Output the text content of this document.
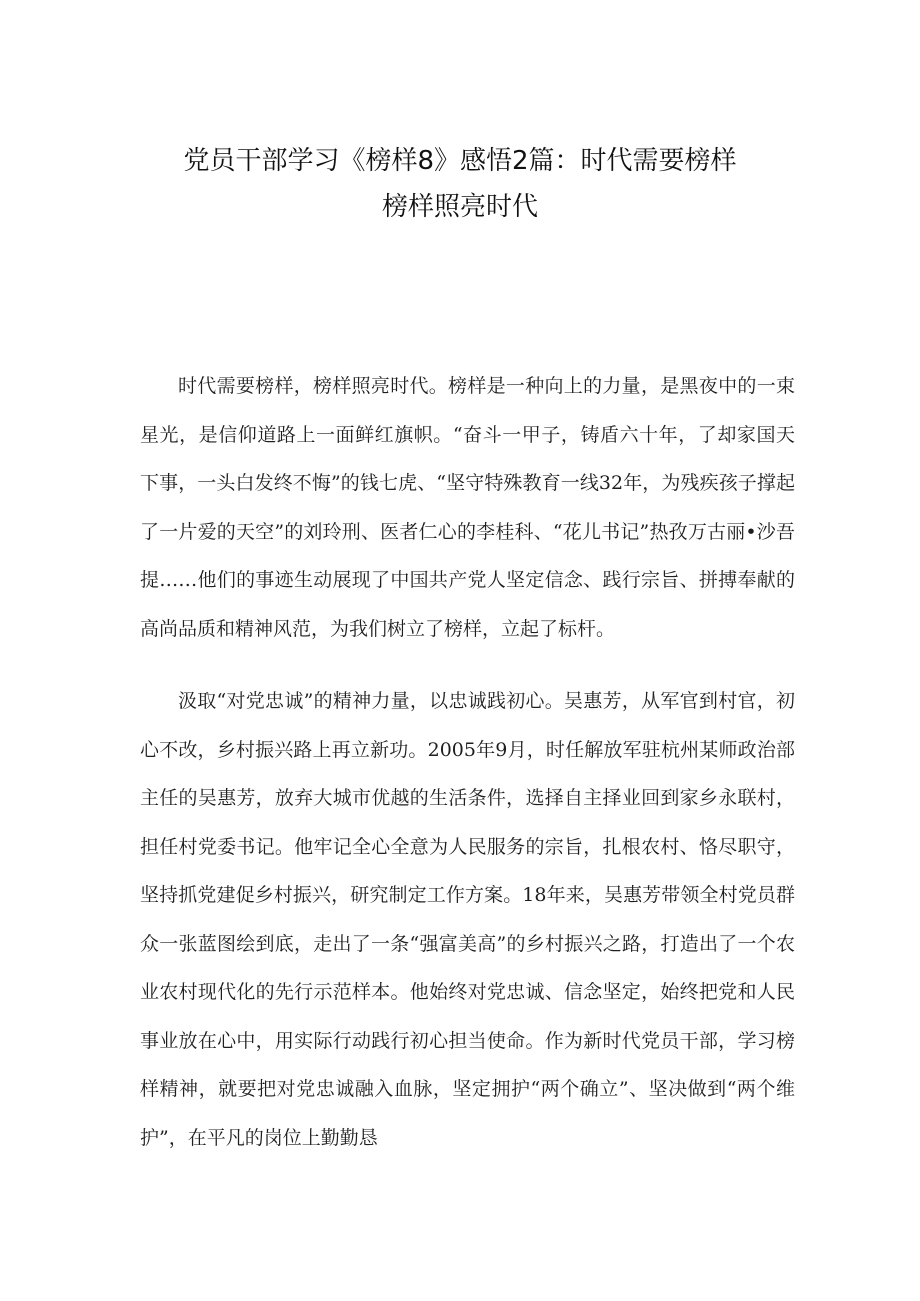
党员干部学习《榜样8》感悟2篇：时代需要榜样
榜样照亮时代

时代需要榜样，榜样照亮时代。榜样是一种向上的力量，是黑夜中的一束星光，是信仰道路上一面鲜红旗帜。“奋斗一甲子，铸盾六十年，了却家国天下事，一头白发终不悔”的钱七虎、“坚守特殊教育一线32年，为残疾孩子撑起了一片爱的天空”的刘玲刑、医者仁心的李桂科、“花儿书记”热孜万古丽•沙吾提……他们的事迹生动展现了中国共产党人坚定信念、践行宗旨、拼搏奉献的高尚品质和精神风范，为我们树立了榜样，立起了标杆。

汲取“对党忠诚”的精神力量，以忠诚践初心。吴惠芳，从军官到村官，初心不改，乡村振兴路上再立新功。2005年9月，时任解放军驻杭州某师政治部主任的吴惠芳，放弃大城市优越的生活条件，选择自主择业回到家乡永联村，担任村党委书记。他牢记全心全意为人民服务的宗旨，扎根农村、恪尽职守，坚持抓党建促乡村振兴，研究制定工作方案。18年来，吴惠芳带领全村党员群众一张蓝图绘到底，走出了一条“强富美高”的乡村振兴之路，打造出了一个农业农村现代化的先行示范样本。他始终对党忠诚、信念坚定，始终把党和人民事业放在心中，用实际行动践行初心担当使命。作为新时代党员干部，学习榜样精神，就要把对党忠诚融入血脉，坚定拥护“两个确立”、坚决做到“两个维护”，在平凡的岗位上勤勤恳
